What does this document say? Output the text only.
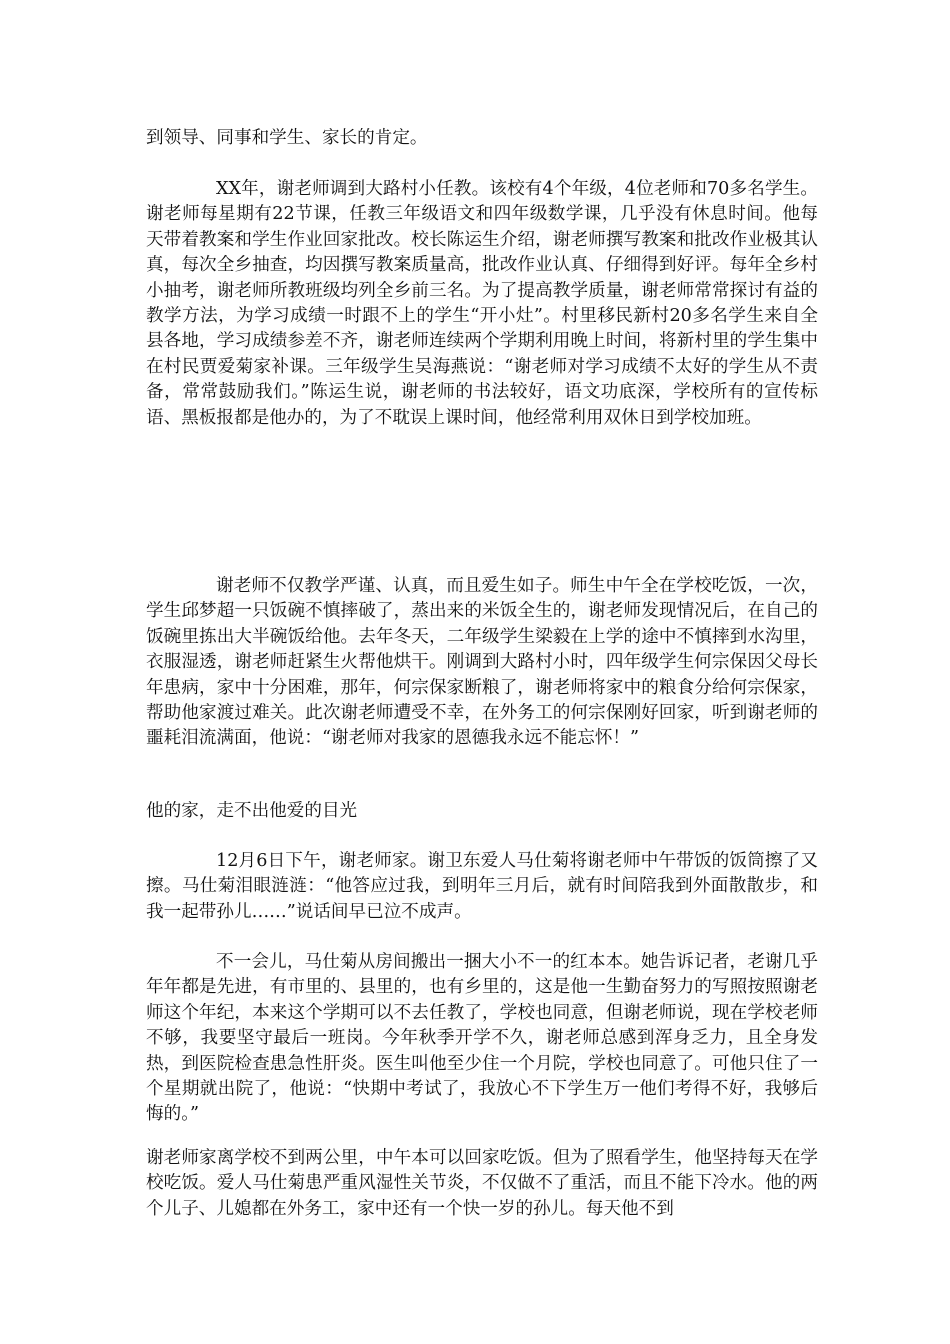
到领导、同事和学生、家长的肯定。

XX年，谢老师调到大路村小任教。该校有4个年级，4位老师和70多名学生。谢老师每星期有22节课，任教三年级语文和四年级数学课，几乎没有休息时间。他每天带着教案和学生作业回家批改。校长陈运生介绍，谢老师撰写教案和批改作业极其认真，每次全乡抽查，均因撰写教案质量高，批改作业认真、仔细得到好评。每年全乡村小抽考，谢老师所教班级均列全乡前三名。为了提高教学质量，谢老师常常探讨有益的教学方法，为学习成绩一时跟不上的学生“开小灶”。村里移民新村20多名学生来自全县各地，学习成绩参差不齐，谢老师连续两个学期利用晚上时间，将新村里的学生集中在村民贾爱菊家补课。三年级学生吴海燕说：“谢老师对学习成绩不太好的学生从不责备，常常鼓励我们。”陈运生说，谢老师的书法较好，语文功底深，学校所有的宣传标语、黑板报都是他办的，为了不耽误上课时间，他经常利用双休日到学校加班。

谢老师不仅教学严谨、认真，而且爱生如子。师生中午全在学校吃饭，一次，学生邱梦超一只饭碗不慎摔破了，蒸出来的米饭全生的，谢老师发现情况后，在自己的饭碗里拣出大半碗饭给他。去年冬天，二年级学生梁毅在上学的途中不慎摔到水沟里，衣服湿透，谢老师赶紧生火帮他烘干。刚调到大路村小时，四年级学生何宗保因父母长年患病，家中十分困难，那年，何宗保家断粮了，谢老师将家中的粮食分给何宗保家，帮助他家渡过难关。此次谢老师遭受不幸，在外务工的何宗保刚好回家，听到谢老师的噩耗泪流满面，他说：“谢老师对我家的恩德我永远不能忘怀！”

他的家，走不出他爱的目光

12月6日下午，谢老师家。谢卫东爱人马仕菊将谢老师中午带饭的饭筒擦了又擦。马仕菊泪眼涟涟：“他答应过我，到明年三月后，就有时间陪我到外面散散步，和我一起带孙儿……”说话间早已泣不成声。

不一会儿，马仕菊从房间搬出一捆大小不一的红本本。她告诉记者，老谢几乎年年都是先进，有市里的、县里的，也有乡里的，这是他一生勤奋努力的写照按照谢老师这个年纪，本来这个学期可以不去任教了，学校也同意，但谢老师说，现在学校老师不够，我要坚守最后一班岗。今年秋季开学不久，谢老师总感到浑身乏力，且全身发热，到医院检查患急性肝炎。医生叫他至少住一个月院，学校也同意了。可他只住了一个星期就出院了，他说：“快期中考试了，我放心不下学生万一他们考得不好，我够后悔的。”

谢老师家离学校不到两公里，中午本可以回家吃饭。但为了照看学生，他坚持每天在学校吃饭。爱人马仕菊患严重风湿性关节炎，不仅做不了重活，而且不能下冷水。他的两个儿子、儿媳都在外务工，家中还有一个快一岁的孙儿。每天他不到
